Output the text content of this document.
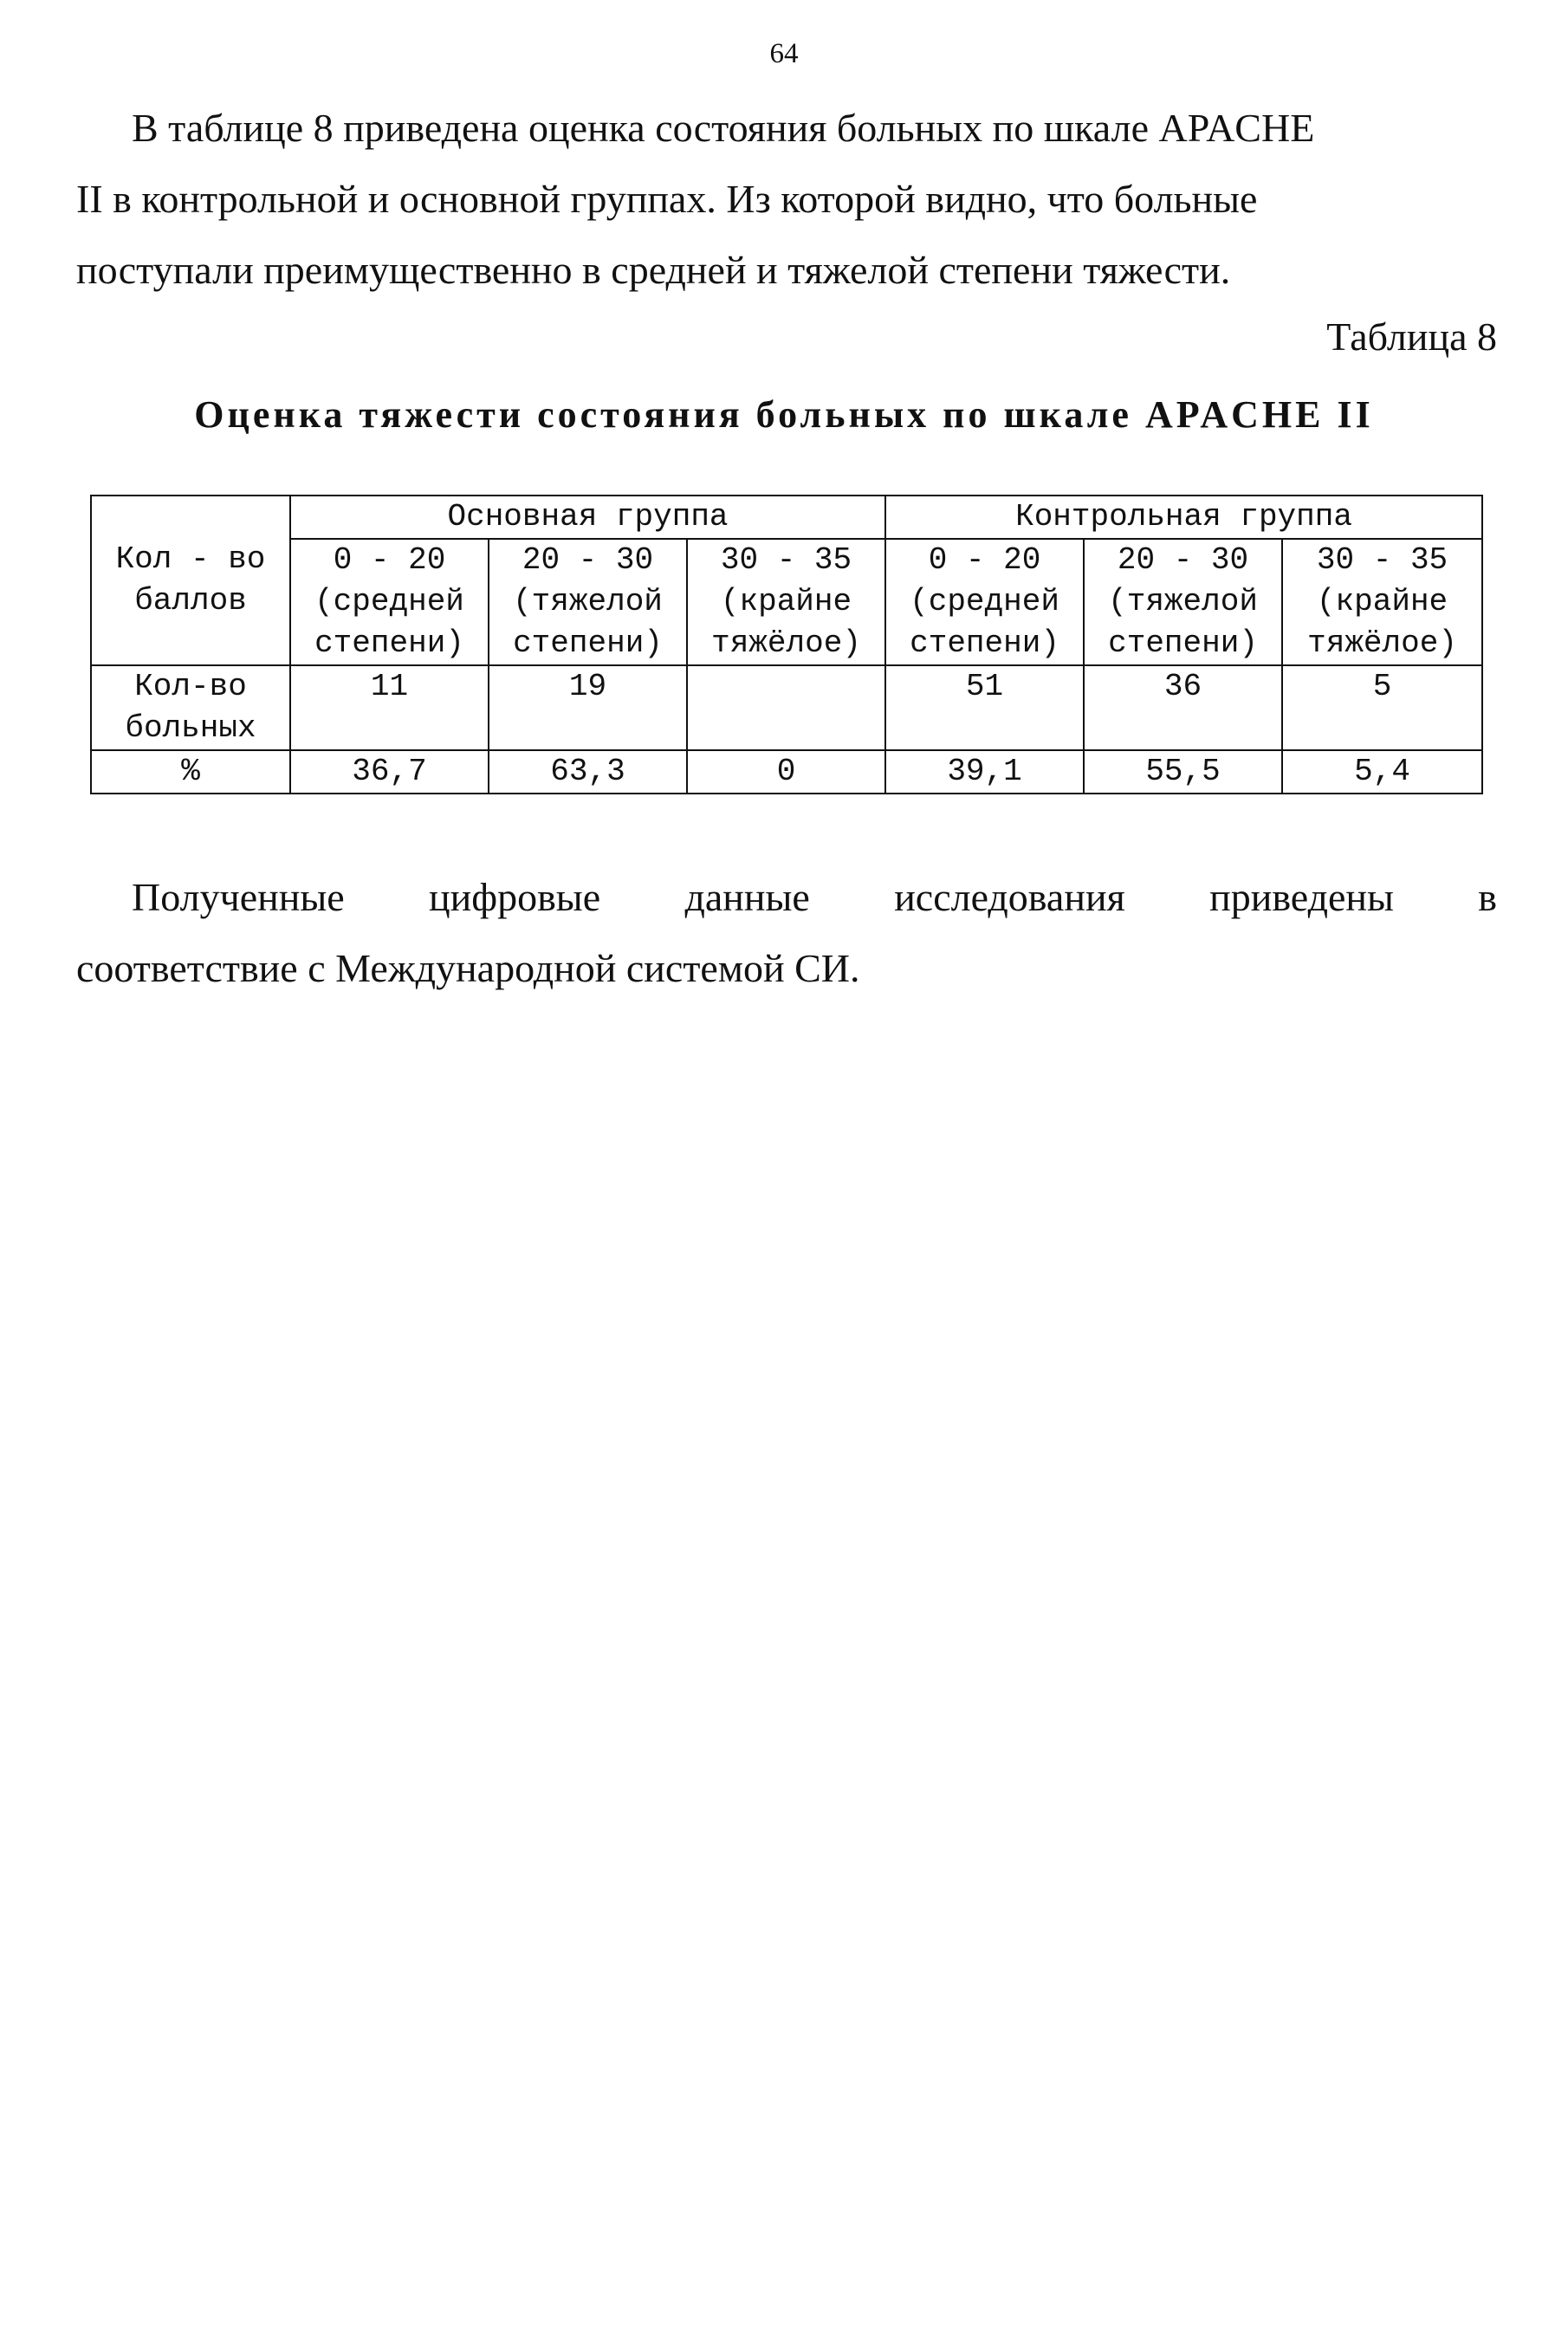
64

В таблице 8 приведена оценка состояния больных по шкале APACHE
II в контрольной и основной группах. Из которой видно, что больные
поступали преимущественно в средней и тяжелой степени тяжести.

Таблица 8
Оценка тяжести состояния больных по шкале APACHE II
Кол - во баллов	Основная группа			Контрольная группа		

	0 - 20
(средней
степени)	20 - 30
(тяжелой
степени)	30 - 35
(крайне
тяжёлое)	0 - 20
(средней
степени)	20 - 30
(тяжелой
степени)	30 - 35
(крайне
тяжёлое)

Кол-во больных	11	19		51	36	5
%	36,7	63,3	0	39,1	55,5	5,4

Полученные цифровые данные исследования приведены в
соответствие с Международной системой СИ.
